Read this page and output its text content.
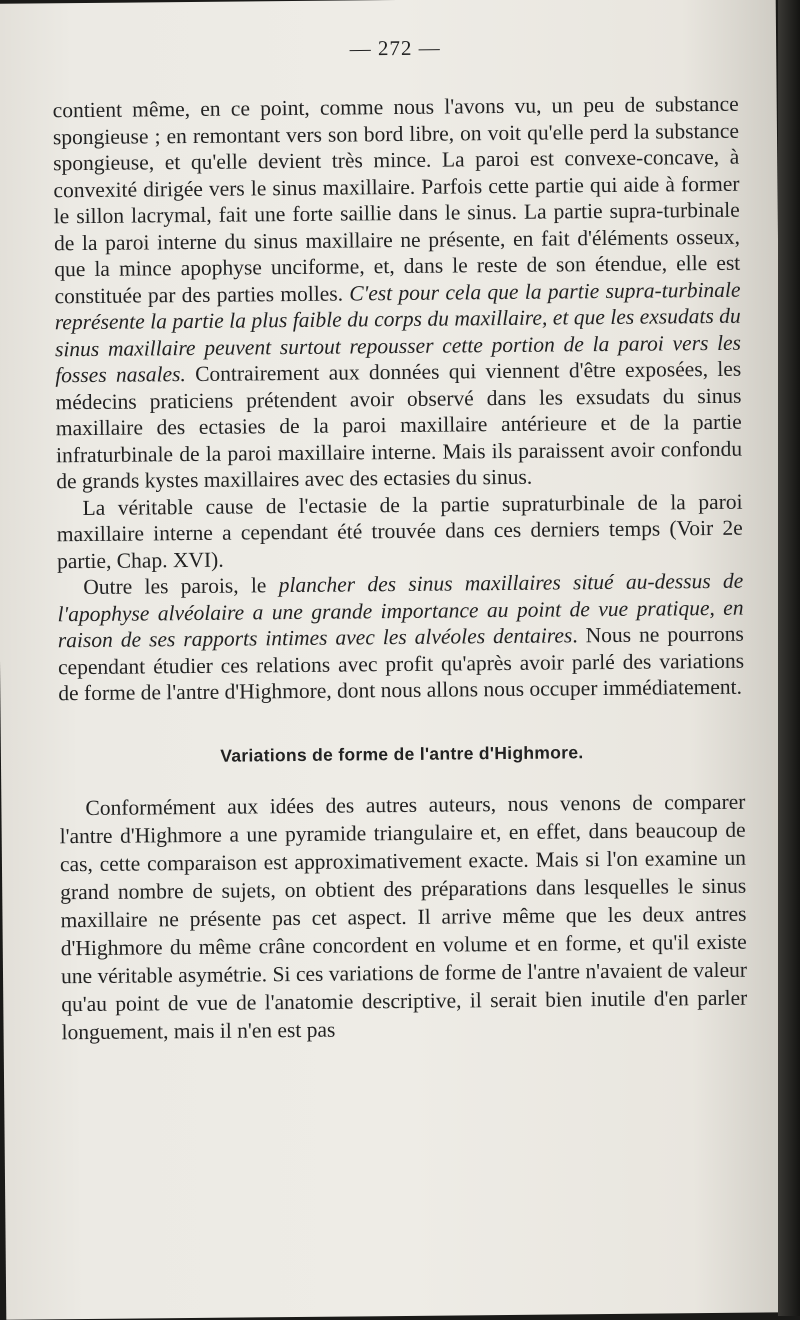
— 272 —

contient même, en ce point, comme nous l'avons vu, un peu de substance spongieuse ; en remontant vers son bord libre, on voit qu'elle perd la substance spongieuse, et qu'elle devient très mince. La paroi est convexe-concave, à convexité dirigée vers le sinus maxillaire. Parfois cette partie qui aide à former le sillon lacrymal, fait une forte saillie dans le sinus. La partie supra-turbinale de la paroi interne du sinus maxillaire ne présente, en fait d'éléments osseux, que la mince apophyse unciforme, et, dans le reste de son étendue, elle est constituée par des parties molles. C'est pour cela que la partie supra-turbinale représente la partie la plus faible du corps du maxillaire, et que les exsudats du sinus maxillaire peuvent surtout repousser cette portion de la paroi vers les fosses nasales. Contrairement aux données qui viennent d'être exposées, les médecins praticiens prétendent avoir observé dans les exsudats du sinus maxillaire des ectasies de la paroi maxillaire antérieure et de la partie infraturbinale de la paroi maxillaire interne. Mais ils paraissent avoir confondu de grands kystes maxillaires avec des ectasies du sinus.

La véritable cause de l'ectasie de la partie supraturbinale de la paroi maxillaire interne a cependant été trouvée dans ces derniers temps (Voir 2e partie, Chap. XVI).

Outre les parois, le plancher des sinus maxillaires situé au-dessus de l'apophyse alvéolaire a une grande importance au point de vue pratique, en raison de ses rapports intimes avec les alvéoles dentaires. Nous ne pourrons cependant étudier ces relations avec profit qu'après avoir parlé des variations de forme de l'antre d'Highmore, dont nous allons nous occuper immédiatement.

Variations de forme de l'antre d'Highmore.

Conformément aux idées des autres auteurs, nous venons de comparer l'antre d'Highmore a une pyramide triangulaire et, en effet, dans beaucoup de cas, cette comparaison est approximativement exacte. Mais si l'on examine un grand nombre de sujets, on obtient des préparations dans lesquelles le sinus maxillaire ne présente pas cet aspect. Il arrive même que les deux antres d'Highmore du même crâne concordent en volume et en forme, et qu'il existe une véritable asymétrie. Si ces variations de forme de l'antre n'avaient de valeur qu'au point de vue de l'anatomie descriptive, il serait bien inutile d'en parler longuement, mais il n'en est pas
